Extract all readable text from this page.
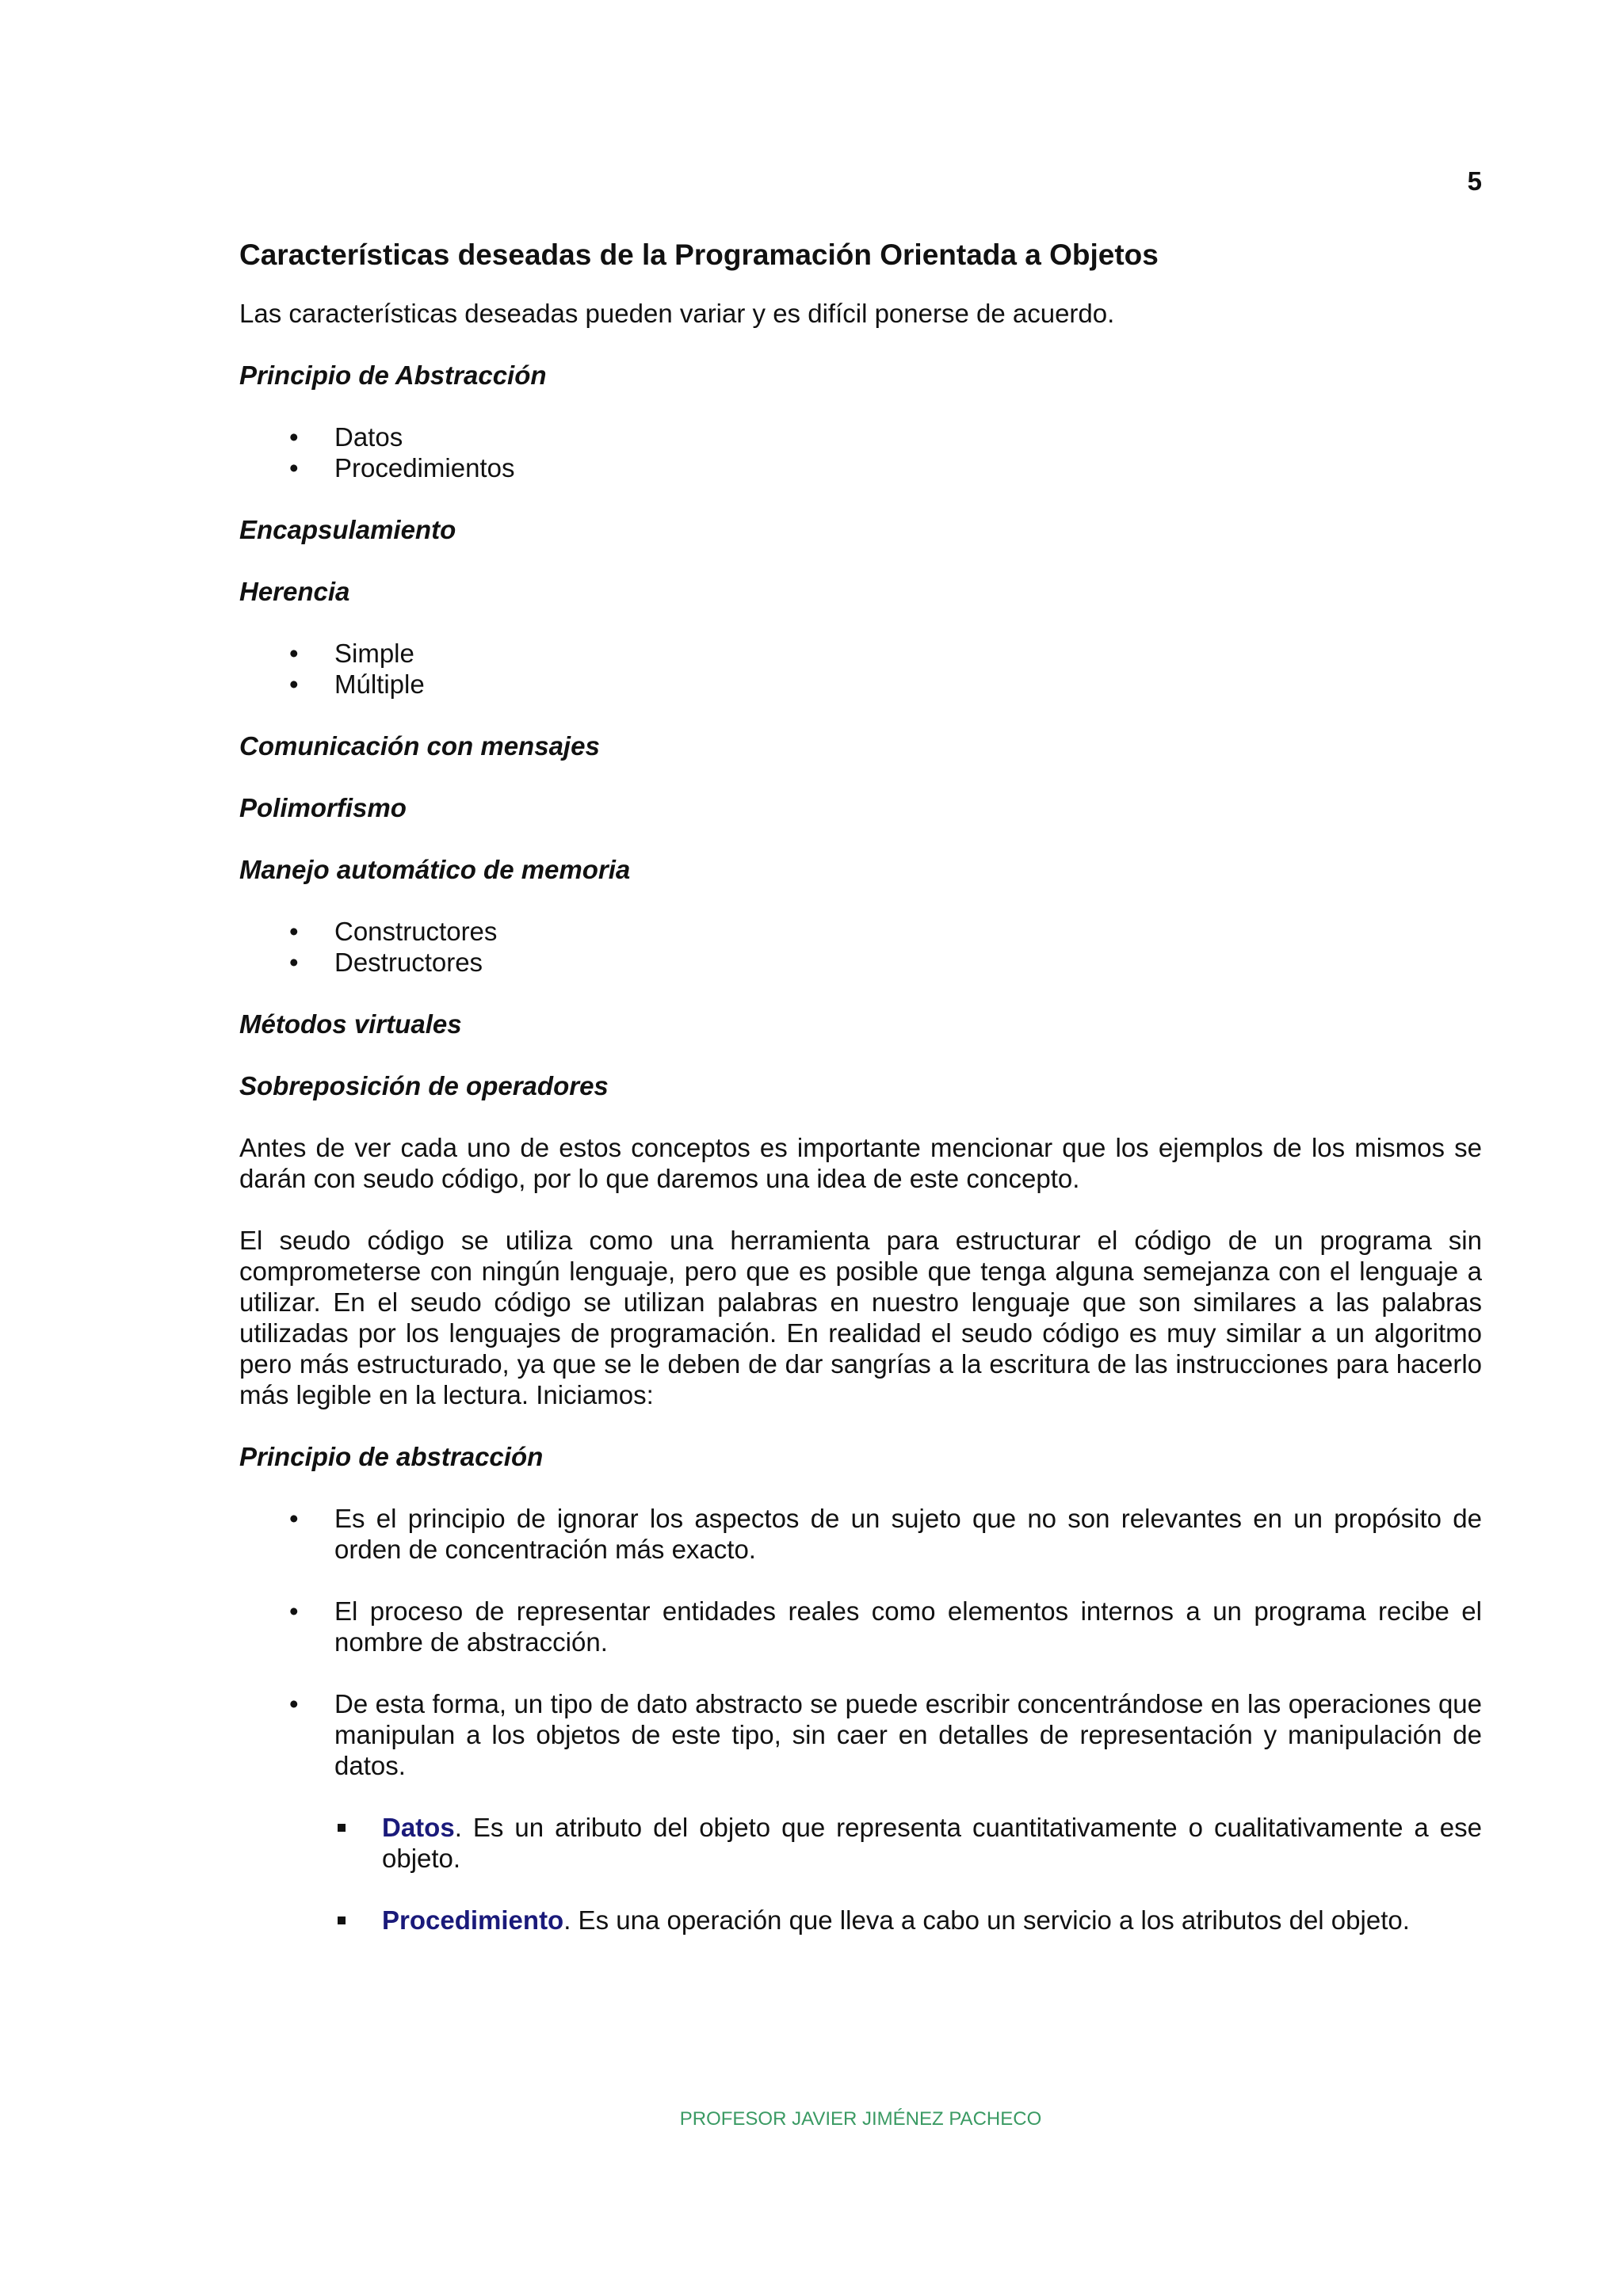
5
Características deseadas de la Programación Orientada a Objetos
Las características deseadas pueden variar y es difícil ponerse de acuerdo.
Principio de Abstracción
• Datos
• Procedimientos
Encapsulamiento
Herencia
• Simple
• Múltiple
Comunicación con mensajes
Polimorfismo
Manejo automático de memoria
• Constructores
• Destructores
Métodos virtuales
Sobreposición de operadores
Antes de ver cada uno de estos conceptos es importante mencionar que los ejemplos de los mismos se darán con seudo código, por lo que daremos una idea de este concepto.
El seudo código se utiliza como una herramienta para estructurar el código de un programa sin comprometerse con ningún lenguaje, pero que es posible que tenga alguna semejanza con el lenguaje a utilizar. En el seudo código se utilizan palabras en nuestro lenguaje que son similares a las palabras utilizadas por los lenguajes de programación. En realidad el seudo código es muy similar a un algoritmo pero más estructurado, ya que se le deben de dar sangrías a la escritura de las instrucciones para hacerlo más legible en la lectura. Iniciamos:
Principio de abstracción
• Es el principio de ignorar los aspectos de un sujeto que no son relevantes en un propósito de orden de concentración más exacto.
• El proceso de representar entidades reales como elementos internos a un programa recibe el nombre de abstracción.
• De esta forma, un tipo de dato abstracto se puede escribir concentrándose en las operaciones que manipulan a los objetos de este tipo, sin caer en detalles de representación y manipulación de datos.
Datos. Es un atributo del objeto que representa cuantitativamente o cualitativamente a ese objeto.
Procedimiento. Es una operación que lleva a cabo un servicio a los atributos del objeto.
PROFESOR JAVIER JIMÉNEZ PACHECO
